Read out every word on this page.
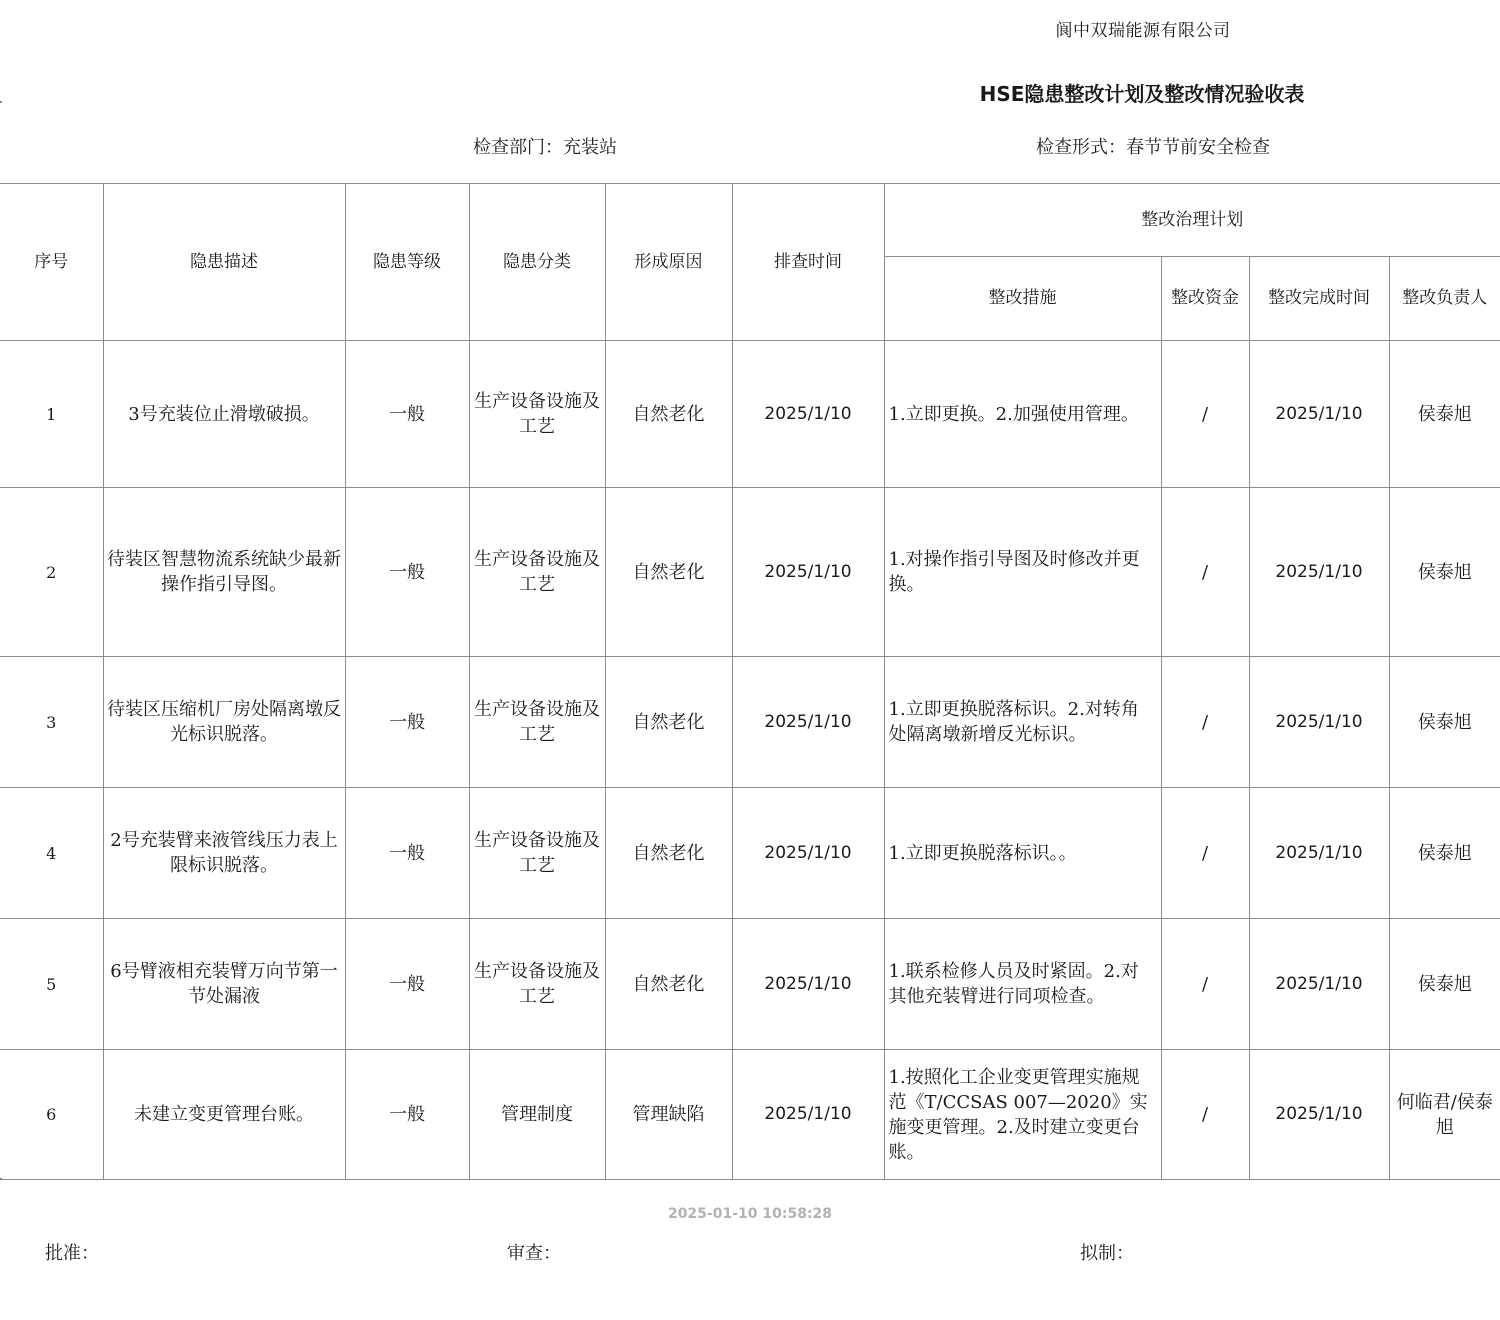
阆中双瑞能源有限公司
HSE隐患整改计划及整改情况验收表
检查部门：充装站	检查形式：春节节前安全检查
序号	隐患描述	隐患等级	隐患分类	形成原因	排查时间	整改治理计划			
						整改措施	整改资金	整改完成时间	整改负责人
1	3号充装位止滑墩破损。	一般	生产设备设施及工艺	自然老化	2025/1/10	1.立即更换。2.加强使用管理。	/	2025/1/10	侯泰旭
2	待装区智慧物流系统缺少最新操作指引导图。	一般	生产设备设施及工艺	自然老化	2025/1/10	1.对操作指引导图及时修改并更换。	/	2025/1/10	侯泰旭
3	待装区压缩机厂房处隔离墩反光标识脱落。	一般	生产设备设施及工艺	自然老化	2025/1/10	1.立即更换脱落标识。2.对转角处隔离墩新增反光标识。	/	2025/1/10	侯泰旭
4	2号充装臂来液管线压力表上限标识脱落。	一般	生产设备设施及工艺	自然老化	2025/1/10	1.立即更换脱落标识。。	/	2025/1/10	侯泰旭
5	6号臂液相充装臂万向节第一节处漏液	一般	生产设备设施及工艺	自然老化	2025/1/10	1.联系检修人员及时紧固。2.对其他充装臂进行同项检查。	/	2025/1/10	侯泰旭
6	未建立变更管理台账。	一般	管理制度	管理缺陷	2025/1/10	1.按照化工企业变更管理实施规范《T/CCSAS 007—2020》实施变更管理。2.及时建立变更台账。	/	2025/1/10	何临君/侯泰旭
2025-01-10 10:58:28
批准：	审查：	拟制：
